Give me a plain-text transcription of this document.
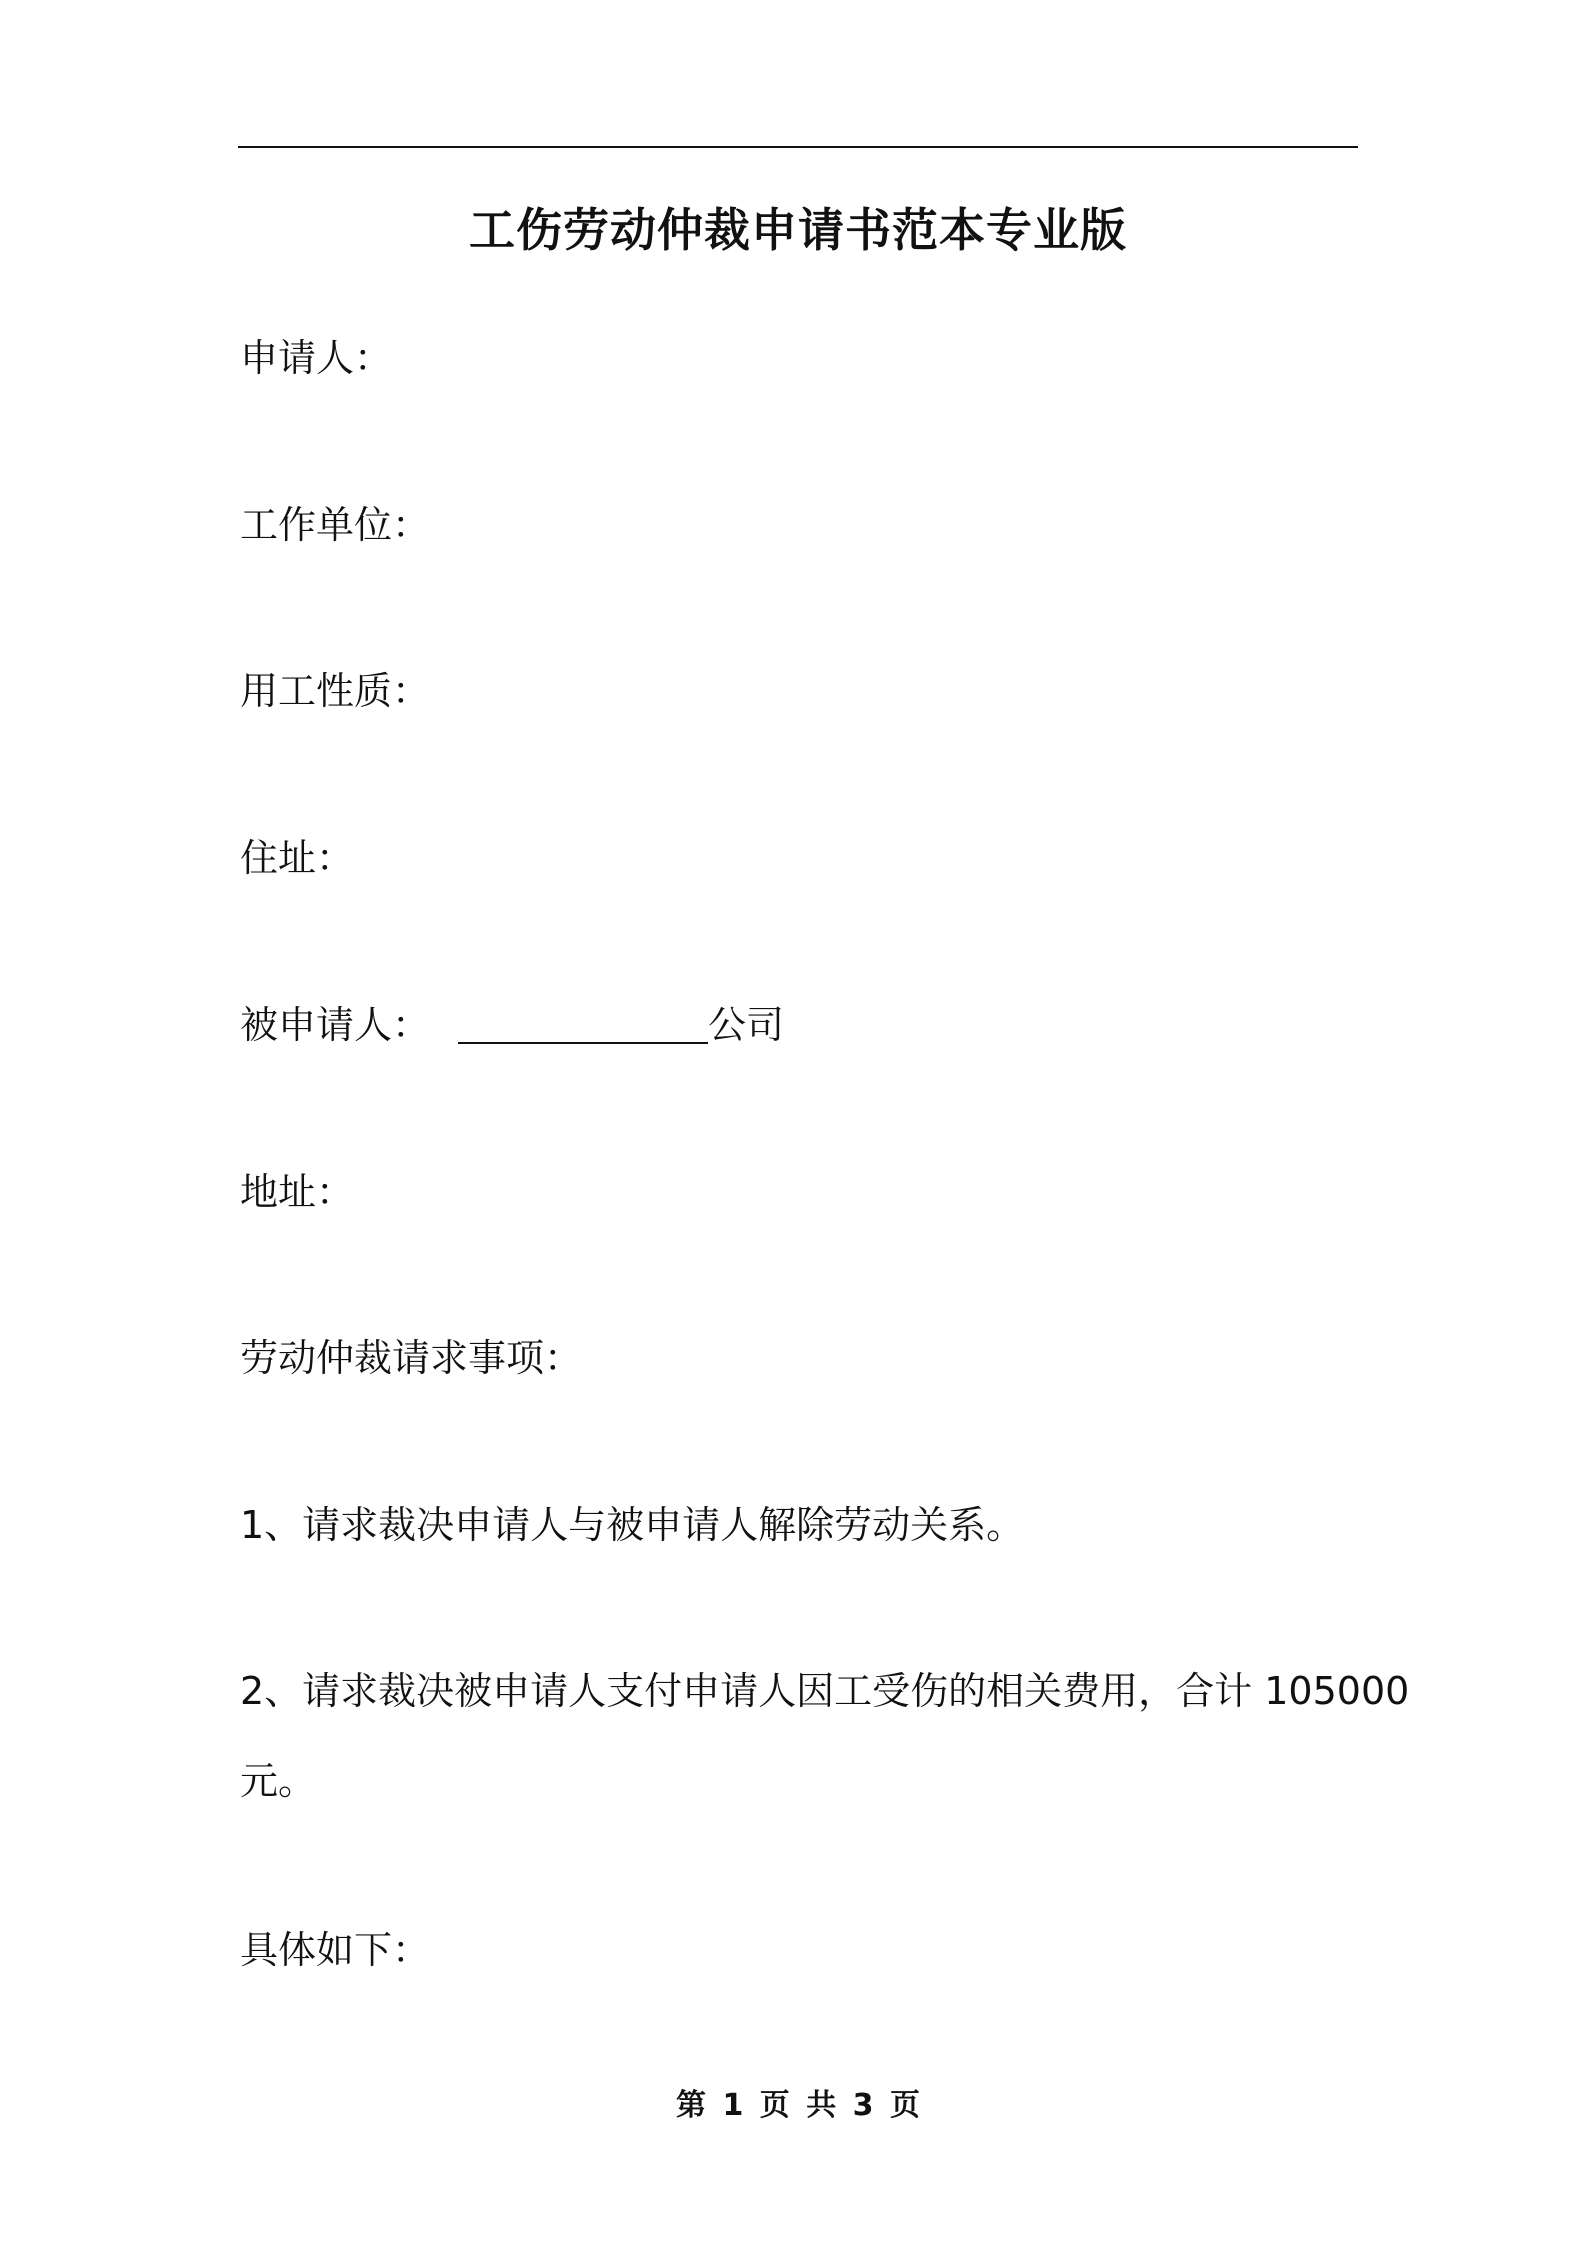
工伤劳动仲裁申请书范本专业版
申请人：
工作单位：
用工性质：
住址：
被申请人：	公司
地址：
劳动仲裁请求事项：
1、请求裁决申请人与被申请人解除劳动关系。
2、请求裁决被申请人支付申请人因工受伤的相关费用，合计 105000
元。
具体如下：
第 1 页 共 3 页
